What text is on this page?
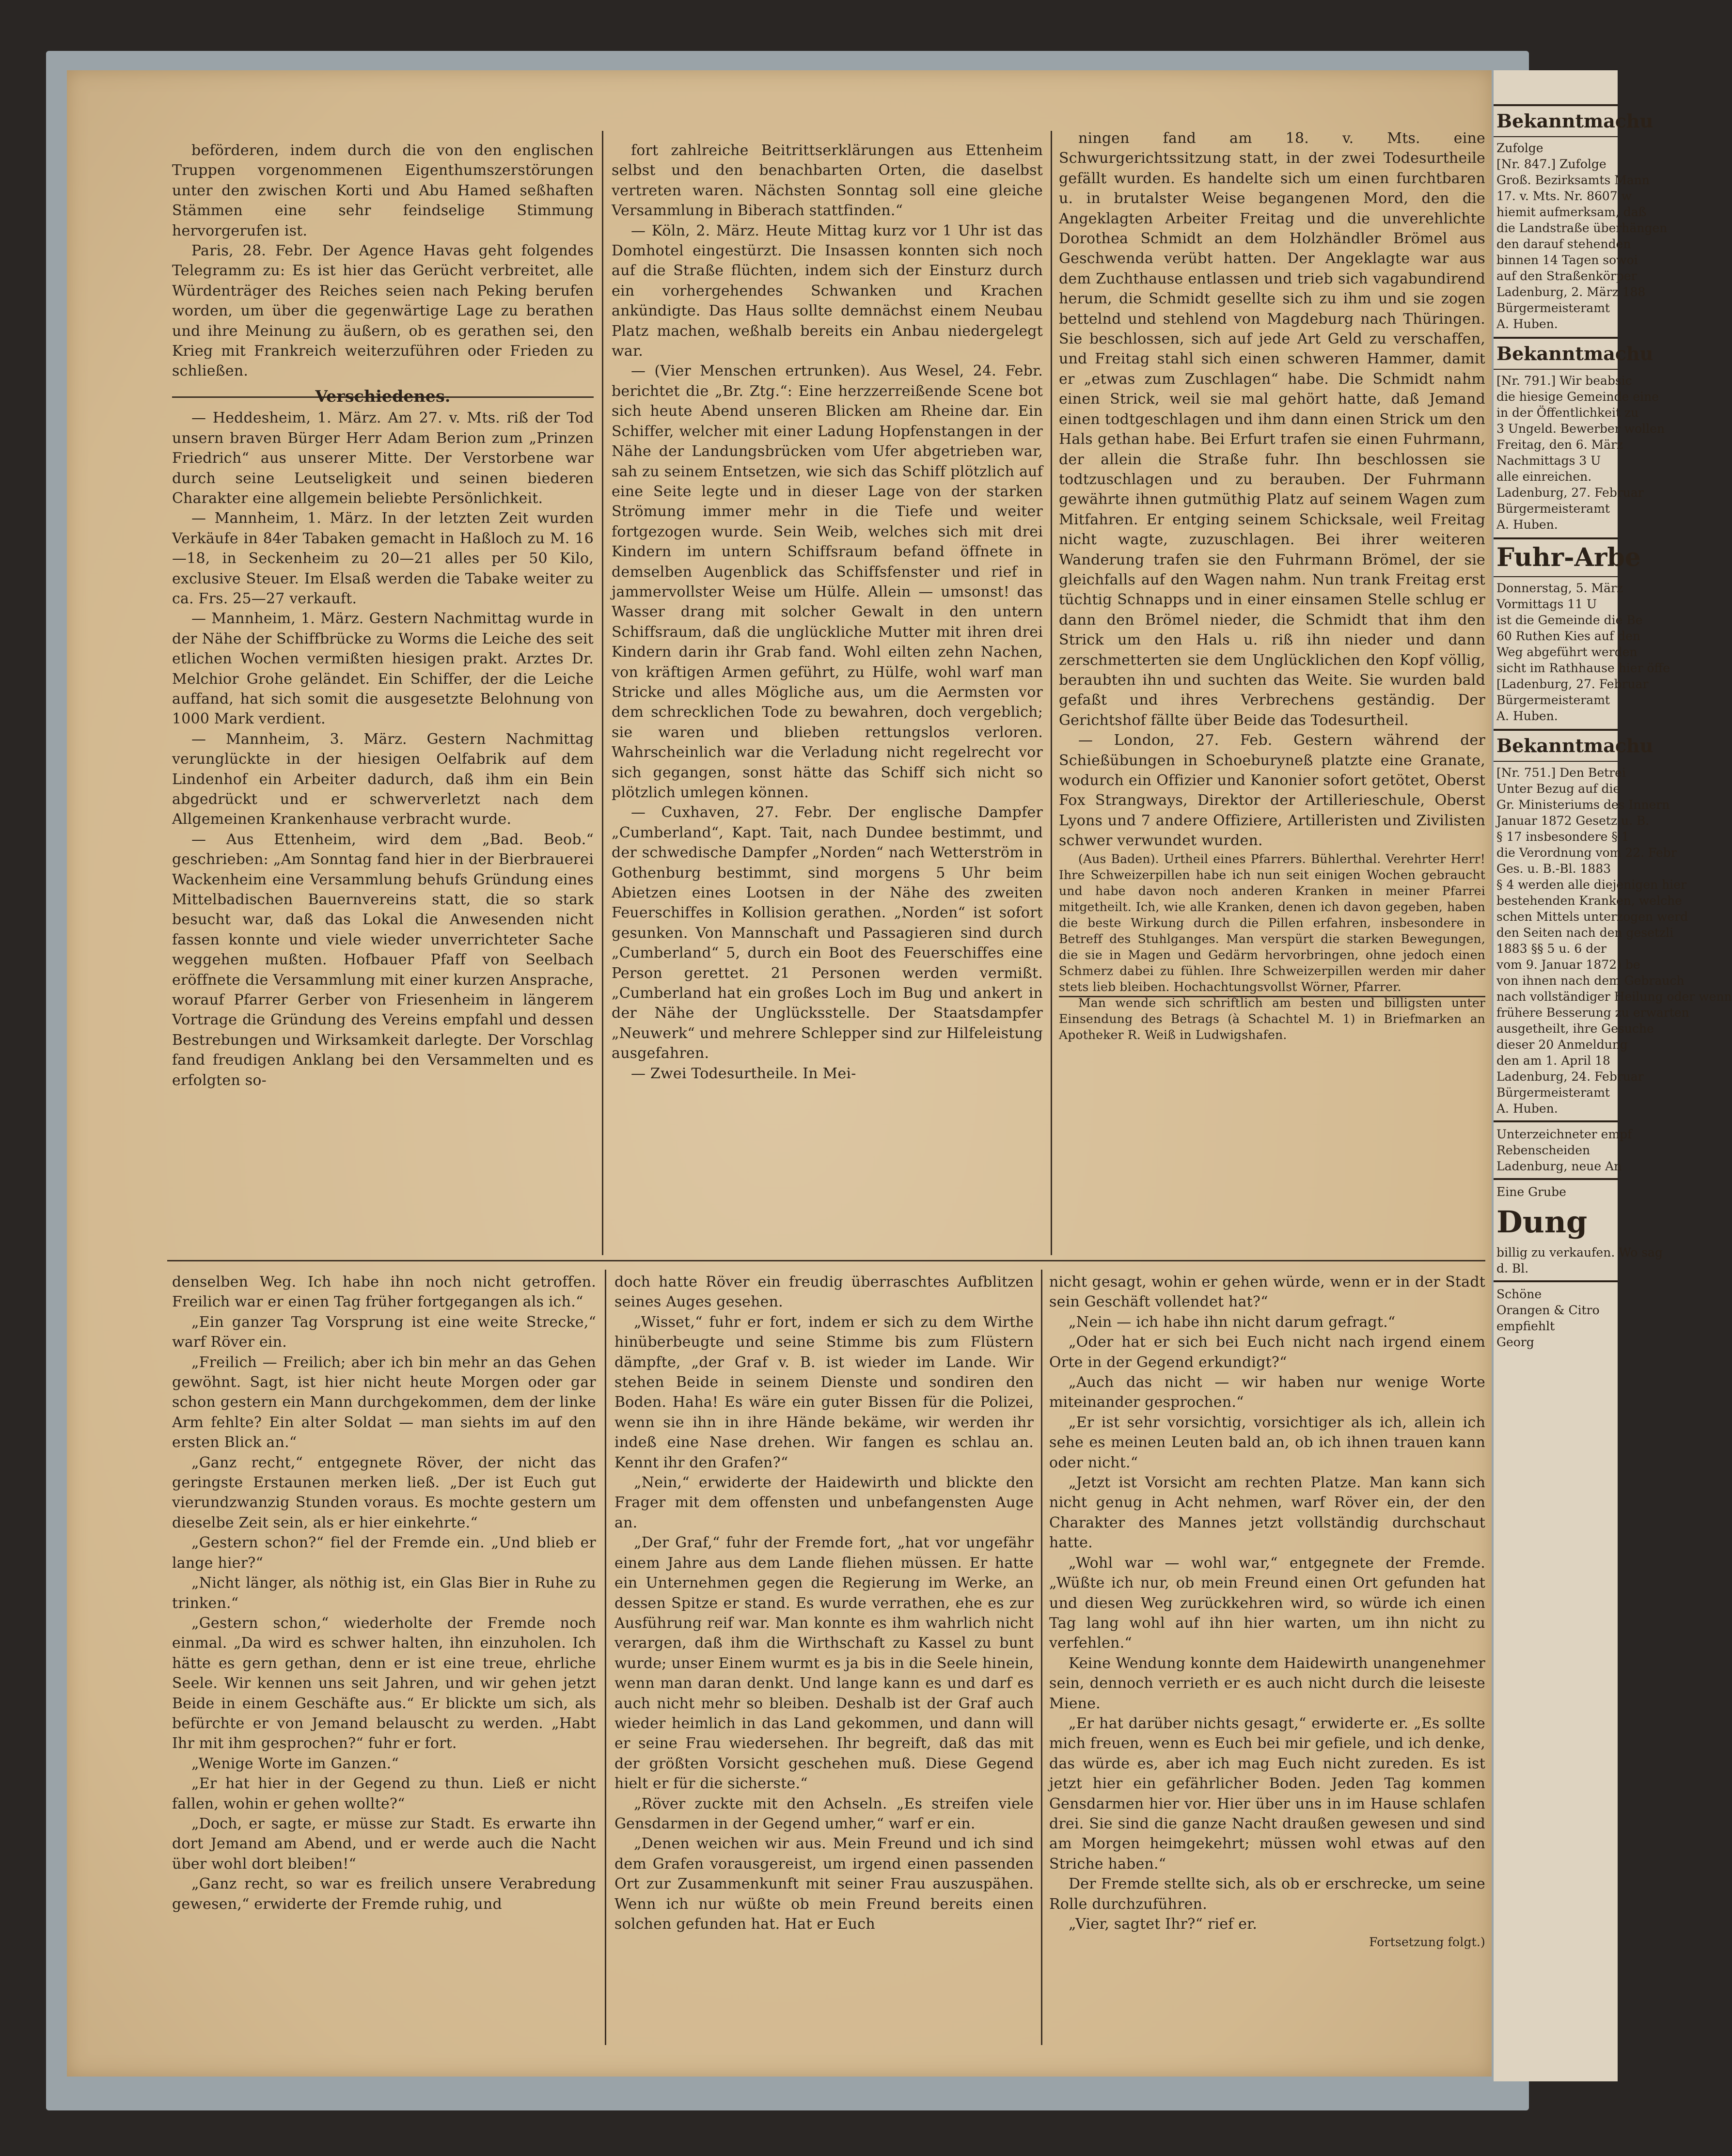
beförderen, indem durch die von den englischen Truppen vorgenommenen Eigenthumszerstörungen unter den zwischen Korti und Abu Hamed seßhaften Stämmen eine sehr feindselige Stimmung hervorgerufen ist.

Paris, 28. Febr. Der Agence Havas geht folgendes Telegramm zu: Es ist hier das Gerücht verbreitet, alle Würdenträger des Reiches seien nach Peking berufen worden, um über die gegenwärtige Lage zu berathen und ihre Meinung zu äußern, ob es gerathen sei, den Krieg mit Frankreich weiterzuführen oder Frieden zu schließen.

Verschiedenes.

— Heddesheim, 1. März. Am 27. v. Mts. riß der Tod unsern braven Bürger Herr Adam Berion zum „Prinzen Friedrich“ aus unserer Mitte. Der Verstorbene war durch seine Leutseligkeit und seinen biederen Charakter eine allgemein beliebte Persönlichkeit.

— Mannheim, 1. März. In der letzten Zeit wurden Verkäufe in 84er Tabaken gemacht in Haßloch zu M. 16—18, in Seckenheim zu 20—21 alles per 50 Kilo, exclusive Steuer. Im Elsaß werden die Tabake weiter zu ca. Frs. 25—27 verkauft.

— Mannheim, 1. März. Gestern Nachmittag wurde in der Nähe der Schiffbrücke zu Worms die Leiche des seit etlichen Wochen vermißten hiesigen prakt. Arztes Dr. Melchior Grohe geländet. Ein Schiffer, der die Leiche auffand, hat sich somit die ausgesetzte Belohnung von 1000 Mark verdient.

— Mannheim, 3. März. Gestern Nachmittag verunglückte in der hiesigen Oelfabrik auf dem Lindenhof ein Arbeiter dadurch, daß ihm ein Bein abgedrückt und er schwerverletzt nach dem Allgemeinen Krankenhause verbracht wurde.

— Aus Ettenheim, wird dem „Bad. Beob.“ geschrieben: „Am Sonntag fand hier in der Bierbrauerei Wackenheim eine Versammlung behufs Gründung eines Mittelbadischen Bauernvereins statt, die so stark besucht war, daß das Lokal die Anwesenden nicht fassen konnte und viele wieder unverrichteter Sache weggehen mußten. Hofbauer Pfaff von Seelbach eröffnete die Versammlung mit einer kurzen Ansprache, worauf Pfarrer Gerber von Friesenheim in längerem Vortrage die Gründung des Vereins empfahl und dessen Bestrebungen und Wirksamkeit darlegte. Der Vorschlag fand freudigen Anklang bei den Versammelten und es erfolgten so-

fort zahlreiche Beitrittserklärungen aus Ettenheim selbst und den benachbarten Orten, die daselbst vertreten waren. Nächsten Sonntag soll eine gleiche Versammlung in Biberach stattfinden.“

— Köln, 2. März. Heute Mittag kurz vor 1 Uhr ist das Domhotel eingestürzt. Die Insassen konnten sich noch auf die Straße flüchten, indem sich der Einsturz durch ein vorhergehendes Schwanken und Krachen ankündigte. Das Haus sollte demnächst einem Neubau Platz machen, weßhalb bereits ein Anbau niedergelegt war.

— (Vier Menschen ertrunken). Aus Wesel, 24. Febr. berichtet die „Br. Ztg.“: Eine herzzerreißende Scene bot sich heute Abend unseren Blicken am Rheine dar. Ein Schiffer, welcher mit einer Ladung Hopfenstangen in der Nähe der Landungsbrücken vom Ufer abgetrieben war, sah zu seinem Entsetzen, wie sich das Schiff plötzlich auf eine Seite legte und in dieser Lage von der starken Strömung immer mehr in die Tiefe und weiter fortgezogen wurde. Sein Weib, welches sich mit drei Kindern im untern Schiffsraum befand öffnete in demselben Augenblick das Schiffsfenster und rief in jammervollster Weise um Hülfe. Allein — umsonst! das Wasser drang mit solcher Gewalt in den untern Schiffsraum, daß die unglückliche Mutter mit ihren drei Kindern darin ihr Grab fand. Wohl eilten zehn Nachen, von kräftigen Armen geführt, zu Hülfe, wohl warf man Stricke und alles Mögliche aus, um die Aermsten vor dem schrecklichen Tode zu bewahren, doch vergeblich; sie waren und blieben rettungslos verloren. Wahrscheinlich war die Verladung nicht regelrecht vor sich gegangen, sonst hätte das Schiff sich nicht so plötzlich umlegen können.

— Cuxhaven, 27. Febr. Der englische Dampfer „Cumberland“, Kapt. Tait, nach Dundee bestimmt, und der schwedische Dampfer „Norden“ nach Wetterström in Gothenburg bestimmt, sind morgens 5 Uhr beim Abietzen eines Lootsen in der Nähe des zweiten Feuerschiffes in Kollision gerathen. „Norden“ ist sofort gesunken. Von Mannschaft und Passagieren sind durch „Cumberland“ 5, durch ein Boot des Feuerschiffes eine Person gerettet. 21 Personen werden vermißt. „Cumberland hat ein großes Loch im Bug und ankert in der Nähe der Unglücksstelle. Der Staatsdampfer „Neuwerk“ und mehrere Schlepper sind zur Hilfeleistung ausgefahren.

— Zwei Todesurtheile. In Mei-

ningen fand am 18. v. Mts. eine Schwurgerichtssitzung statt, in der zwei Todesurtheile gefällt wurden. Es handelte sich um einen furchtbaren u. in brutalster Weise begangenen Mord, den die Angeklagten Arbeiter Freitag und die unverehlichte Dorothea Schmidt an dem Holzhändler Brömel aus Geschwenda verübt hatten. Der Angeklagte war aus dem Zuchthause entlassen und trieb sich vagabundirend herum, die Schmidt gesellte sich zu ihm und sie zogen bettelnd und stehlend von Magdeburg nach Thüringen. Sie beschlossen, sich auf jede Art Geld zu verschaffen, und Freitag stahl sich einen schweren Hammer, damit er „etwas zum Zuschlagen“ habe. Die Schmidt nahm einen Strick, weil sie mal gehört hatte, daß Jemand einen todtgeschlagen und ihm dann einen Strick um den Hals gethan habe. Bei Erfurt trafen sie einen Fuhrmann, der allein die Straße fuhr. Ihn beschlossen sie todtzuschlagen und zu berauben. Der Fuhrmann gewährte ihnen gutmüthig Platz auf seinem Wagen zum Mitfahren. Er entging seinem Schicksale, weil Freitag nicht wagte, zuzuschlagen. Bei ihrer weiteren Wanderung trafen sie den Fuhrmann Brömel, der sie gleichfalls auf den Wagen nahm. Nun trank Freitag erst tüchtig Schnapps und in einer einsamen Stelle schlug er dann den Brömel nieder, die Schmidt that ihm den Strick um den Hals u. riß ihn nieder und dann zerschmetterten sie dem Unglücklichen den Kopf völlig, beraubten ihn und suchten das Weite. Sie wurden bald gefaßt und ihres Verbrechens geständig. Der Gerichtshof fällte über Beide das Todesurtheil.

— London, 27. Feb. Gestern während der Schießübungen in Schoeburyneß platzte eine Granate, wodurch ein Offizier und Kanonier sofort getötet, Oberst Fox Strangways, Direktor der Artillerieschule, Oberst Lyons und 7 andere Offiziere, Artilleristen und Zivilisten schwer verwundet wurden.

(Aus Baden). Urtheil eines Pfarrers. Bühlerthal. Verehrter Herr! Ihre Schweizerpillen habe ich nun seit einigen Wochen gebraucht und habe davon noch anderen Kranken in meiner Pfarrei mitgetheilt. Ich, wie alle Kranken, denen ich davon gegeben, haben die beste Wirkung durch die Pillen erfahren, insbesondere in Betreff des Stuhlganges. Man verspürt die starken Bewegungen, die sie in Magen und Gedärm hervorbringen, ohne jedoch einen Schmerz dabei zu fühlen. Ihre Schweizerpillen werden mir daher stets lieb bleiben. Hochachtungsvollst Wörner, Pfarrer.

Man wende sich schriftlich am besten und billigsten unter Einsendung des Betrags (à Schachtel M. 1) in Briefmarken an Apotheker R. Weiß in Ludwigshafen.

denselben Weg. Ich habe ihn noch nicht getroffen. Freilich war er einen Tag früher fortgegangen als ich.“

„Ein ganzer Tag Vorsprung ist eine weite Strecke,“ warf Röver ein.

„Freilich — Freilich; aber ich bin mehr an das Gehen gewöhnt. Sagt, ist hier nicht heute Morgen oder gar schon gestern ein Mann durchgekommen, dem der linke Arm fehlte? Ein alter Soldat — man siehts im auf den ersten Blick an.“

„Ganz recht,“ entgegnete Röver, der nicht das geringste Erstaunen merken ließ. „Der ist Euch gut vierundzwanzig Stunden voraus. Es mochte gestern um dieselbe Zeit sein, als er hier einkehrte.“

„Gestern schon?“ fiel der Fremde ein. „Und blieb er lange hier?“

„Nicht länger, als nöthig ist, ein Glas Bier in Ruhe zu trinken.“

„Gestern schon,“ wiederholte der Fremde noch einmal. „Da wird es schwer halten, ihn einzuholen. Ich hätte es gern gethan, denn er ist eine treue, ehrliche Seele. Wir kennen uns seit Jahren, und wir gehen jetzt Beide in einem Geschäfte aus.“ Er blickte um sich, als befürchte er von Jemand belauscht zu werden. „Habt Ihr mit ihm gesprochen?“ fuhr er fort.

„Wenige Worte im Ganzen.“

„Er hat hier in der Gegend zu thun. Ließ er nicht fallen, wohin er gehen wollte?“

„Doch, er sagte, er müsse zur Stadt. Es erwarte ihn dort Jemand am Abend, und er werde auch die Nacht über wohl dort bleiben!“

„Ganz recht, so war es freilich unsere Verabredung gewesen,“ erwiderte der Fremde ruhig, und

doch hatte Röver ein freudig überraschtes Aufblitzen seines Auges gesehen.

„Wisset,“ fuhr er fort, indem er sich zu dem Wirthe hinüberbeugte und seine Stimme bis zum Flüstern dämpfte, „der Graf v. B. ist wieder im Lande. Wir stehen Beide in seinem Dienste und sondiren den Boden. Haha! Es wäre ein guter Bissen für die Polizei, wenn sie ihn in ihre Hände bekäme, wir werden ihr indeß eine Nase drehen. Wir fangen es schlau an. Kennt ihr den Grafen?“

„Nein,“ erwiderte der Haidewirth und blickte den Frager mit dem offensten und unbefangensten Auge an.

„Der Graf,“ fuhr der Fremde fort, „hat vor ungefähr einem Jahre aus dem Lande fliehen müssen. Er hatte ein Unternehmen gegen die Regierung im Werke, an dessen Spitze er stand. Es wurde verrathen, ehe es zur Ausführung reif war. Man konnte es ihm wahrlich nicht verargen, daß ihm die Wirthschaft zu Kassel zu bunt wurde; unser Einem wurmt es ja bis in die Seele hinein, wenn man daran denkt. Und lange kann es und darf es auch nicht mehr so bleiben. Deshalb ist der Graf auch wieder heimlich in das Land gekommen, und dann will er seine Frau wiedersehen. Ihr begreift, daß das mit der größten Vorsicht geschehen muß. Diese Gegend hielt er für die sicherste.“

„Röver zuckte mit den Achseln. „Es streifen viele Gensdarmen in der Gegend umher,“ warf er ein.

„Denen weichen wir aus. Mein Freund und ich sind dem Grafen vorausgereist, um irgend einen passenden Ort zur Zusammenkunft mit seiner Frau auszuspähen. Wenn ich nur wüßte ob mein Freund bereits einen solchen gefunden hat. Hat er Euch

nicht gesagt, wohin er gehen würde, wenn er in der Stadt sein Geschäft vollendet hat?“

„Nein — ich habe ihn nicht darum gefragt.“

„Oder hat er sich bei Euch nicht nach irgend einem Orte in der Gegend erkundigt?“

„Auch das nicht — wir haben nur wenige Worte miteinander gesprochen.“

„Er ist sehr vorsichtig, vorsichtiger als ich, allein ich sehe es meinen Leuten bald an, ob ich ihnen trauen kann oder nicht.“

„Jetzt ist Vorsicht am rechten Platze. Man kann sich nicht genug in Acht nehmen, warf Röver ein, der den Charakter des Mannes jetzt vollständig durchschaut hatte.

„Wohl war — wohl war,“ entgegnete der Fremde. „Wüßte ich nur, ob mein Freund einen Ort gefunden hat und diesen Weg zurückkehren wird, so würde ich einen Tag lang wohl auf ihn hier warten, um ihn nicht zu verfehlen.“

Keine Wendung konnte dem Haidewirth unangenehmer sein, dennoch verrieth er es auch nicht durch die leiseste Miene.

„Er hat darüber nichts gesagt,“ erwiderte er. „Es sollte mich freuen, wenn es Euch bei mir gefiele, und ich denke, das würde es, aber ich mag Euch nicht zureden. Es ist jetzt hier ein gefährlicher Boden. Jeden Tag kommen Gensdarmen hier vor. Hier über uns in im Hause schlafen drei. Sie sind die ganze Nacht draußen gewesen und sind am Morgen heimgekehrt; müssen wohl etwas auf den Striche haben.“

Der Fremde stellte sich, als ob er erschrecke, um seine Rolle durchzuführen.

„Vier, sagtet Ihr?“ rief er.

Fortsetzung folgt.)

Bekanntmachu
Zufolge
[Nr. 847.] Zufolge
Groß. Bezirksamts Mann
17. v. Mts. Nr. 8607 w
hiemit aufmerksam, daß
die Landstraße überhängen
den darauf stehenden
binnen 14 Tagen sowoi
auf den Straßenkörper
Ladenburg, 2. März 188
Bürgermeisteramt
A. Huben.
Bekanntmachu
[Nr. 791.] Wir beabsic
die hiesige Gemeinde eine
in der Öffentlichkeit zu
3 Ungeld. Bewerber wollen
Freitag, den 6. März
Nachmittags 3 U
alle einreichen.
Ladenburg, 27. Februar
Bürgermeisteramt
A. Huben.
Fuhr-Arbe
Donnerstag, 5. März
Vormittags 11 U
ist die Gemeinde die Be
60 Ruthen Kies auf den
Weg abgeführt werden
sicht im Rathhause hier öffe
[Ladenburg, 27. Februar
Bürgermeisteramt
A. Huben.
Bekanntmachu
[Nr. 751.] Den Betrei
Unter Bezug auf die
Gr. Ministeriums des Innern
Januar 1872 Gesetz u. B.
§ 17 insbesondere § 1
die Verordnung vom 22. Febr
Ges. u. B.-Bl. 1883
§ 4 werden alle diejenigen hier
bestehenden Kranken, welche
schen Mittels unterzogen werd
den Seiten nach den gesetzli
1883 §§ 5 u. 6 der
vom 9. Januar 1872) be
von ihnen nach dem Gebrauch
nach vollständiger Heilung oder wenn
frühere Besserung zu erwarten
ausgetheilt, ihre Gesuche
dieser 20 Anmeldung
den am 1. April 18
Ladenburg, 24. Februar
Bürgermeisteramt
A. Huben.
Unterzeichneter empf
Rebenscheiden
Ladenburg, neue An
Eine Grube
Dung
billig zu verkaufen. Wo sag
d. Bl.
Schöne
Orangen & Citro
empfiehlt
Georg
